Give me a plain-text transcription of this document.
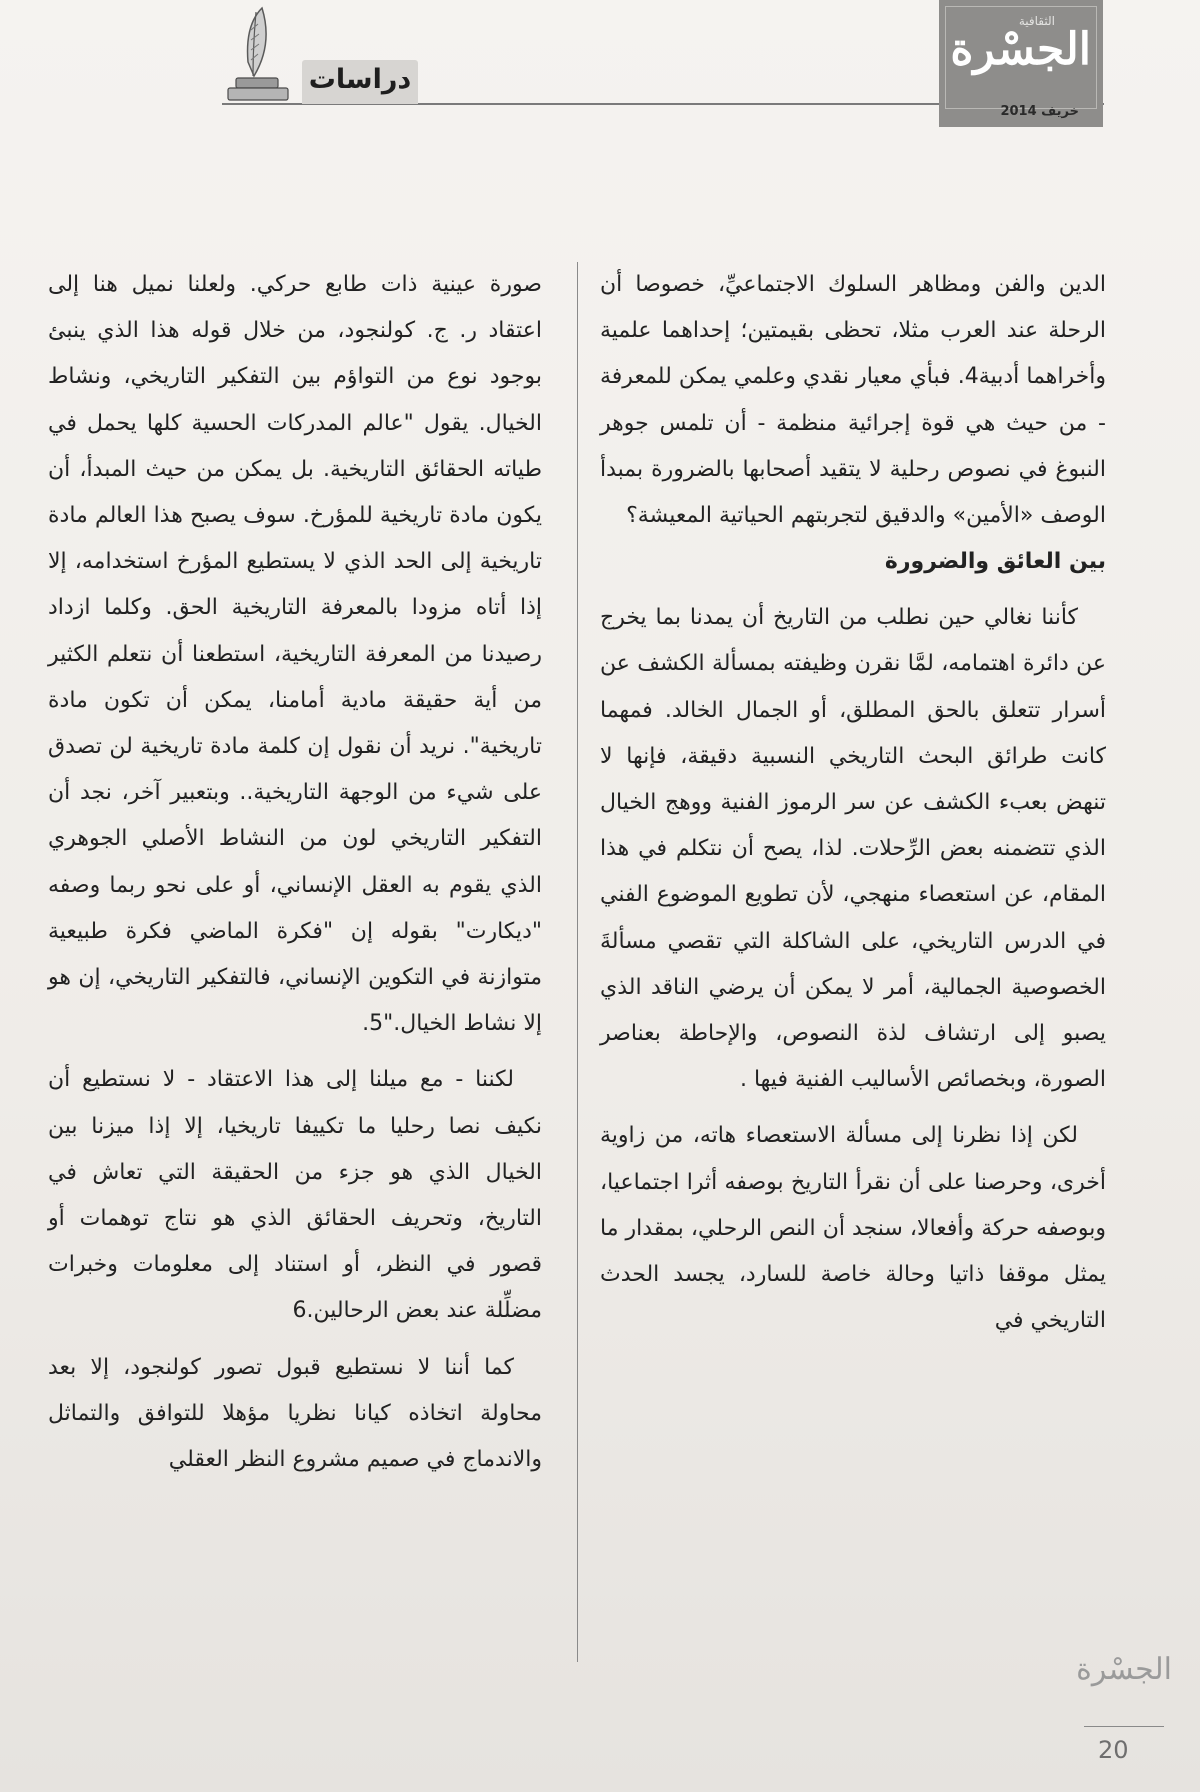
دراسات
الثقافية
الجسْرة
خريف 2014

الدين والفن ومظاهر السلوك الاجتماعيِّ، خصوصا أن الرحلة عند العرب مثلا، تحظى بقيمتين؛ إحداهما علمية وأخراهما أدبية4. فبأي معيار نقدي وعلمي يمكن للمعرفة - من حيث هي قوة إجرائية منظمة - أن تلمس جوهر النبوغ في نصوص رحلية لا يتقيد أصحابها بالضرورة بمبدأ الوصف «الأمين» والدقيق لتجربتهم الحياتية المعيشة؟

بين العائق والضرورة

كأننا نغالي حين نطلب من التاريخ أن يمدنا بما يخرج عن دائرة اهتمامه، لمَّا نقرن وظيفته بمسألة الكشف عن أسرار تتعلق بالحق المطلق، أو الجمال الخالد. فمهما كانت طرائق البحث التاريخي النسبية دقيقة، فإنها لا تنهض بعبء الكشف عن سر الرموز الفنية ووهج الخيال الذي تتضمنه بعض الرِّحلات. لذا، يصح أن نتكلم في هذا المقام، عن استعصاء منهجي، لأن تطويع الموضوع الفني في الدرس التاريخي، على الشاكلة التي تقصي مسألةَ الخصوصية الجمالية، أمر لا يمكن أن يرضي الناقد الذي يصبو إلى ارتشاف لذة النصوص، والإحاطة بعناصر الصورة، وبخصائص الأساليب الفنية فيها .

لكن إذا نظرنا إلى مسألة الاستعصاء هاته، من زاوية أخرى، وحرصنا على أن نقرأ التاريخ بوصفه أثرا اجتماعيا، وبوصفه حركة وأفعالا، سنجد أن النص الرحلي، بمقدار ما يمثل موقفا ذاتيا وحالة خاصة للسارد، يجسد الحدث التاريخي في

صورة عينية ذات طابع حركي. ولعلنا نميل هنا إلى اعتقاد ر. ج. كولنجود، من خلال قوله هذا الذي ينبئ بوجود نوع من التواؤم بين التفكير التاريخي، ونشاط الخيال. يقول "عالم المدركات الحسية كلها يحمل في طياته الحقائق التاريخية. بل يمكن من حيث المبدأ، أن يكون مادة تاريخية للمؤرخ. سوف يصبح هذا العالم مادة تاريخية إلى الحد الذي لا يستطيع المؤرخ استخدامه، إلا إذا أتاه مزودا بالمعرفة التاريخية الحق. وكلما ازداد رصيدنا من المعرفة التاريخية، استطعنا أن نتعلم الكثير من أية حقيقة مادية أمامنا، يمكن أن تكون مادة تاريخية". نريد أن نقول إن كلمة مادة تاريخية لن تصدق على شيء من الوجهة التاريخية.. وبتعبير آخر، نجد أن التفكير التاريخي لون من النشاط الأصلي الجوهري الذي يقوم به العقل الإنساني، أو على نحو ربما وصفه "ديكارت" بقوله إن "فكرة الماضي فكرة طبيعية متوازنة في التكوين الإنساني، فالتفكير التاريخي، إن هو إلا نشاط الخيال."5.

لكننا - مع ميلنا إلى هذا الاعتقاد - لا نستطيع أن نكيف نصا رحليا ما تكييفا تاريخيا، إلا إذا ميزنا بين الخيال الذي هو جزء من الحقيقة التي تعاش في التاريخ، وتحريف الحقائق الذي هو نتاج توهمات أو قصور في النظر، أو استناد إلى معلومات وخبرات مضلِّلة عند بعض الرحالين.6

كما أننا لا نستطيع قبول تصور كولنجود، إلا بعد محاولة اتخاذه كيانا نظريا مؤهلا للتوافق والتماثل والاندماج في صميم مشروع النظر العقلي

الجسْرة
20
